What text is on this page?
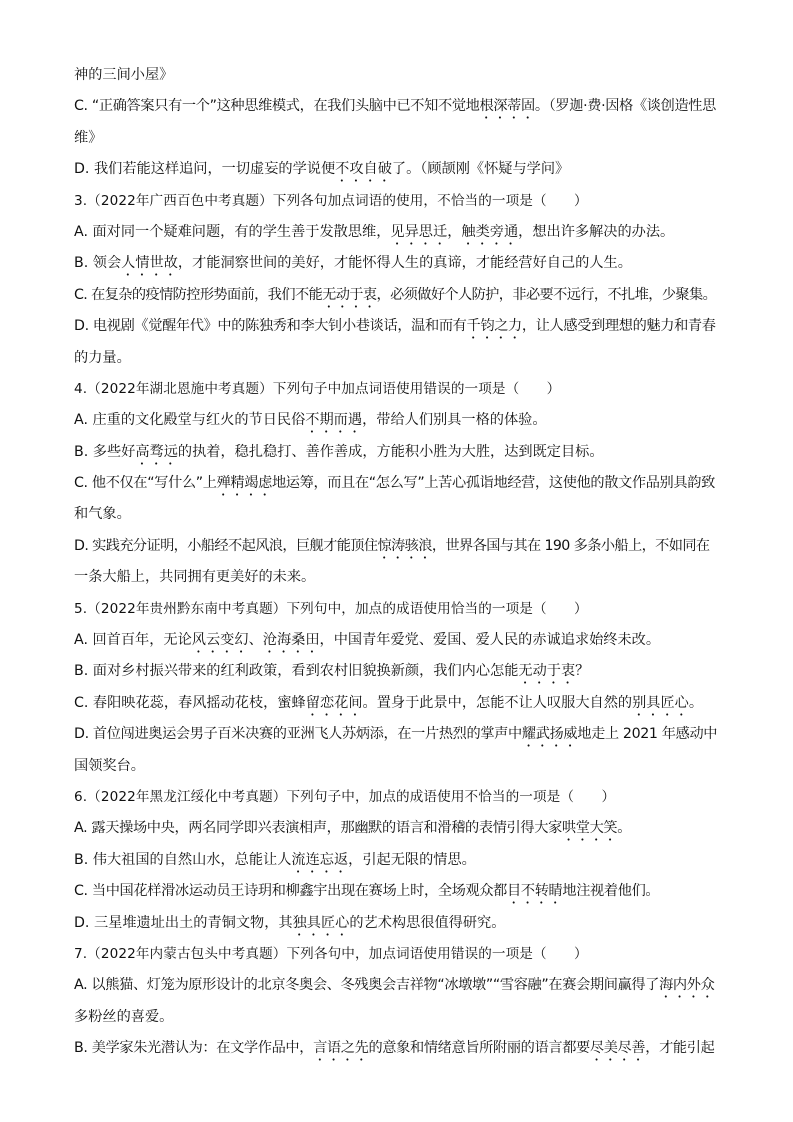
神的三间小屋》
C. “正确答案只有一个”这种思维模式，在我们头脑中已不知不觉地根深蒂固。（罗迦·费·因格《谈创造性思
维》
D. 我们若能这样追问，一切虚妄的学说便不攻自破了。（顾颉刚《怀疑与学问》
3.（2022年广西百色中考真题）下列各句加点词语的使用，不恰当的一项是（　　）
A. 面对同一个疑难问题，有的学生善于发散思维，见异思迁，触类旁通，想出许多解决的办法。
B. 领会人情世故，才能洞察世间的美好，才能怀得人生的真谛，才能经营好自己的人生。
C. 在复杂的疫情防控形势面前，我们不能无动于衷，必须做好个人防护，非必要不远行，不扎堆，少聚集。
D. 电视剧《觉醒年代》中的陈独秀和李大钊小巷谈话，温和而有千钧之力，让人感受到理想的魅力和青春
的力量。
4.（2022年湖北恩施中考真题）下列句子中加点词语使用错误的一项是（　　）
A. 庄重的文化殿堂与红火的节日民俗不期而遇，带给人们别具一格的体验。
B. 多些好高骛远的执着，稳扎稳打、善作善成，方能积小胜为大胜，达到既定目标。
C. 他不仅在“写什么”上殚精竭虑地运筹，而且在“怎么写”上苦心孤诣地经营，这使他的散文作品别具韵致
和气象。
D. 实践充分证明，小船经不起风浪，巨舰才能顶住惊涛骇浪，世界各国与其在 190 多条小船上，不如同在
一条大船上，共同拥有更美好的未来。
5.（2022年贵州黔东南中考真题）下列句中，加点的成语使用恰当的一项是（　　）
A. 回首百年，无论风云变幻、沧海桑田，中国青年爱党、爱国、爱人民的赤诚追求始终未改。
B. 面对乡村振兴带来的红利政策，看到农村旧貌换新颜，我们内心怎能无动于衷？
C. 春阳映花蕊，春风摇动花枝，蜜蜂留恋花间。置身于此景中，怎能不让人叹服大自然的别具匠心。
D. 首位闯进奥运会男子百米决赛的亚洲飞人苏炳添，在一片热烈的掌声中耀武扬威地走上 2021 年感动中
国领奖台。
6.（2022年黑龙江绥化中考真题）下列句子中，加点的成语使用不恰当的一项是（　　）
A. 露天操场中央，两名同学即兴表演相声，那幽默的语言和滑稽的表情引得大家哄堂大笑。
B. 伟大祖国的自然山水，总能让人流连忘返，引起无限的情思。
C. 当中国花样滑冰运动员王诗玥和柳鑫宇出现在赛场上时，全场观众都目不转睛地注视着他们。
D. 三星堆遗址出土的青铜文物，其独具匠心的艺术构思很值得研究。
7.（2022年内蒙古包头中考真题）下列各句中，加点词语使用错误的一项是（　　）
A. 以熊猫、灯笼为原形设计的北京冬奥会、冬残奥会吉祥物“冰墩墩”“雪容融”在赛会期间赢得了海内外众
多粉丝的喜爱。
B. 美学家朱光潜认为：在文学作品中，言语之先的意象和情绪意旨所附丽的语言都要尽美尽善，才能引起
